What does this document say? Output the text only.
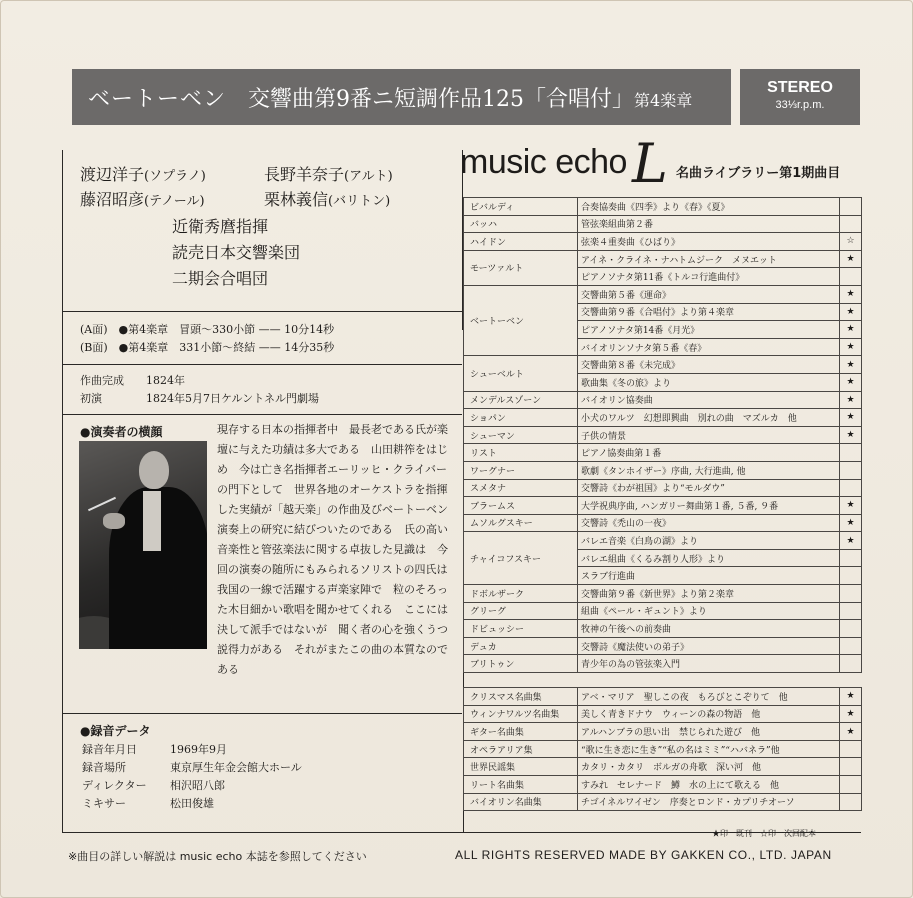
ベートーベン 交響曲第9番ニ短調作品125「合唱付」第4楽章
STEREO
33⅓r.p.m.
渡辺洋子(ソプラノ)	長野羊奈子(アルト)
藤沼昭彦(テノール)	栗林義信(バリトン)
近衛秀麿指揮
読売日本交響楽団
二期会合唱団
(A面)　 ●第4楽章　 冒頭～330小節 —— 10分14秒
(B面)　 ●第4楽章　 331小節～終結 —— 14分35秒
作曲完成 1824年
初演	1824年5月7日ケルントネル門劇場
●演奏者の横顔	現存する日本の指揮者中　最長老である氏が楽壇に与えた功績は多大である　山田耕筰をはじめ　今は亡き名指揮者エーリッヒ・クライバーの門下として　世界各地のオーケストラを指揮した実績が「越天楽」の作曲及びベートーベン演奏上の研究に結びついたのである　氏の高い音楽性と管弦楽法に関する卓抜した見識は　今回の演奏の随所にもみられるソリストの四氏は我国の一線で活躍する声楽家陣で　粒のそろった木目細かい歌唱を聞かせてくれる　ここには　決して派手ではないが　聞く者の心を強くうつ説得力がある　それがまたこの曲の本質なのである
●録音データ
録音年月日	1969年9月
録音場所	東京厚生年金会館大ホール
ディレクター 相沢昭八郎
ミキサー	松田俊雄
※曲目の詳しい解説は music echo 本誌を参照してください	ALL RIGHTS RESERVED MADE BY GAKKEN CO., LTD. JAPAN
music echo L 名曲ライブラリー第1期曲目
ビバルディ	合奏協奏曲《四季》より《春》《夏》	
バッハ	管弦楽組曲第２番	
ハイドン	弦楽４重奏曲《ひばり》	☆
モーツァルト	アイネ・クライネ・ナハトムジーク　メヌエット	★
	ピアノソナタ第11番《トルコ行進曲付》	
ベートーベン	交響曲第５番《運命》	★
	交響曲第９番《合唱付》より第４楽章	★
	ピアノソナタ第14番《月光》	★
	バイオリンソナタ第５番《春》	★
シューベルト	交響曲第８番《未完成》	★
	歌曲集《冬の旅》より	★
メンデルスゾーン	バイオリン協奏曲	★
ショパン	小犬のワルツ　幻想即興曲　別れの曲　マズルカ　他	★
シューマン	子供の情景	★
リスト	ピアノ協奏曲第１番	
ワーグナー	歌劇《タンホイザー》序曲, 大行進曲, 他	
スメタナ	交響詩《わが祖国》より“モルダウ”	
ブラームス	大学祝典序曲, ハンガリー舞曲第１番, ５番, ９番	★
ムソルグスキー	交響詩《禿山の一夜》	★
チャイコフスキー	バレエ音楽《白鳥の湖》より	★
	バレエ組曲《くるみ割り人形》より	
	スラブ行進曲	
ドボルザーク	交響曲第９番《新世界》より第２楽章	
グリーグ	組曲《ペール・ギュント》より	
ドビュッシー	牧神の午後への前奏曲	
デュカ	交響詩《魔法使いの弟子》	
ブリトゥン	青少年の為の管弦楽入門	

クリスマス名曲集	アベ・マリア　聖しこの夜　もろびとこぞりて　他	★
ウィンナワルツ名曲集	美しく青きドナウ　ウィーンの森の物語　他	★
ギター名曲集	アルハンブラの思い出　禁じられた遊び　他	★
オペラアリア集	“歌に生き恋に生き”“私の名はミミ”“ハバネラ”他	
世界民謡集	カタリ・カタリ　ボルガの舟歌　深い河　他	
リート名曲集	すみれ　セレナード　鱒　水の上にて歌える　他	
バイオリン名曲集	チゴイネルワイゼン　序奏とロンド・カプリチオーソ	
★印一既刊　☆印一次回配本
